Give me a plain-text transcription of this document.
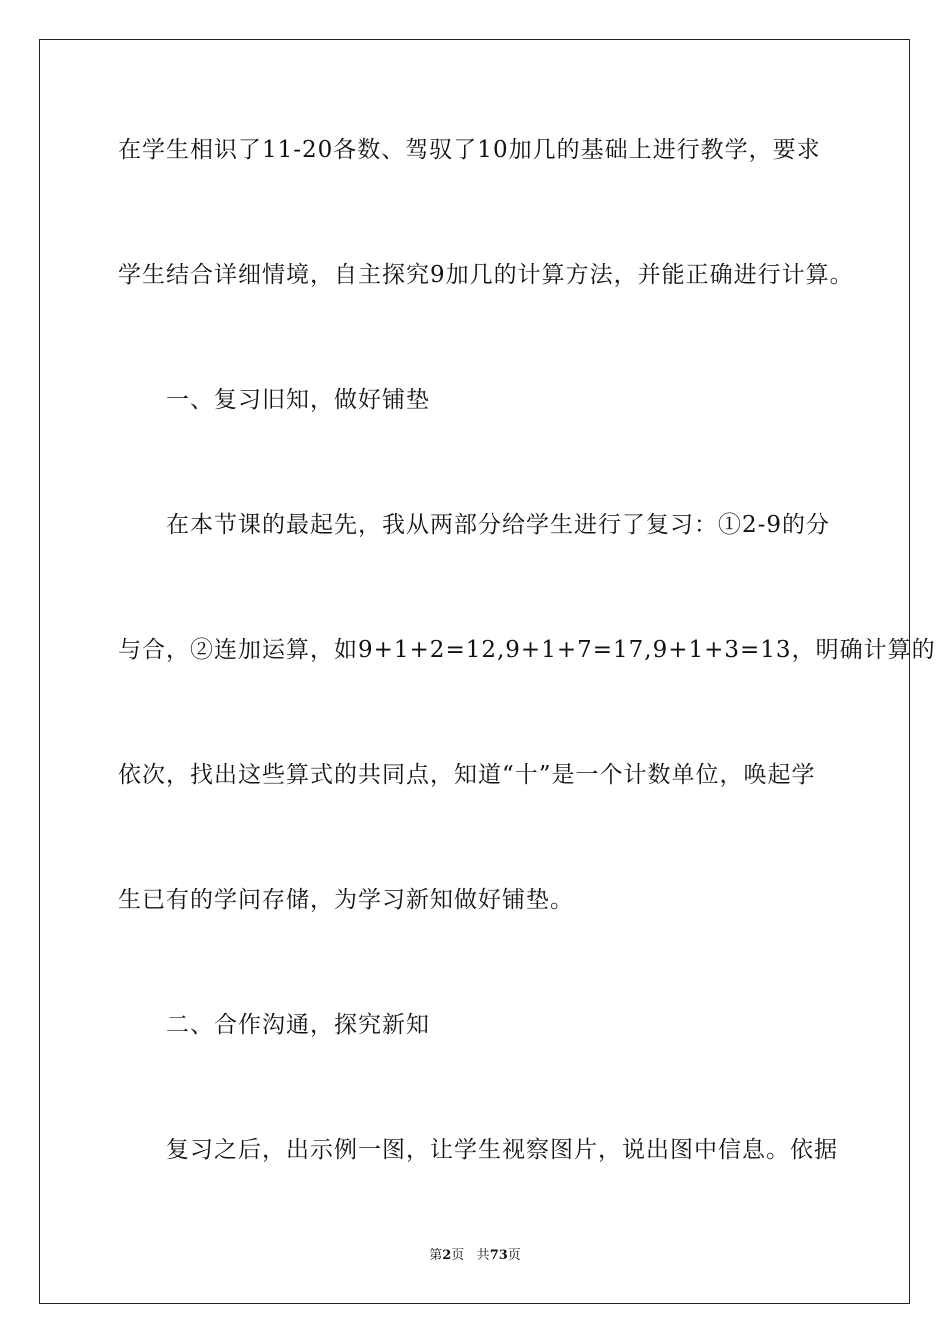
在学生相识了11-20各数、驾驭了10加几的基础上进行教学，要求
学生结合详细情境，自主探究9加几的计算方法，并能正确进行计算。
一、复习旧知，做好铺垫
在本节课的最起先，我从两部分给学生进行了复习：①2-9的分
与合，②连加运算，如9+1+2=12,9+1+7=17,9+1+3=13，明确计算的
依次，找出这些算式的共同点，知道“十”是一个计数单位，唤起学
生已有的学问存储，为学习新知做好铺垫。
二、合作沟通，探究新知
复习之后，出示例一图，让学生视察图片，说出图中信息。依据
第2页 共73页
